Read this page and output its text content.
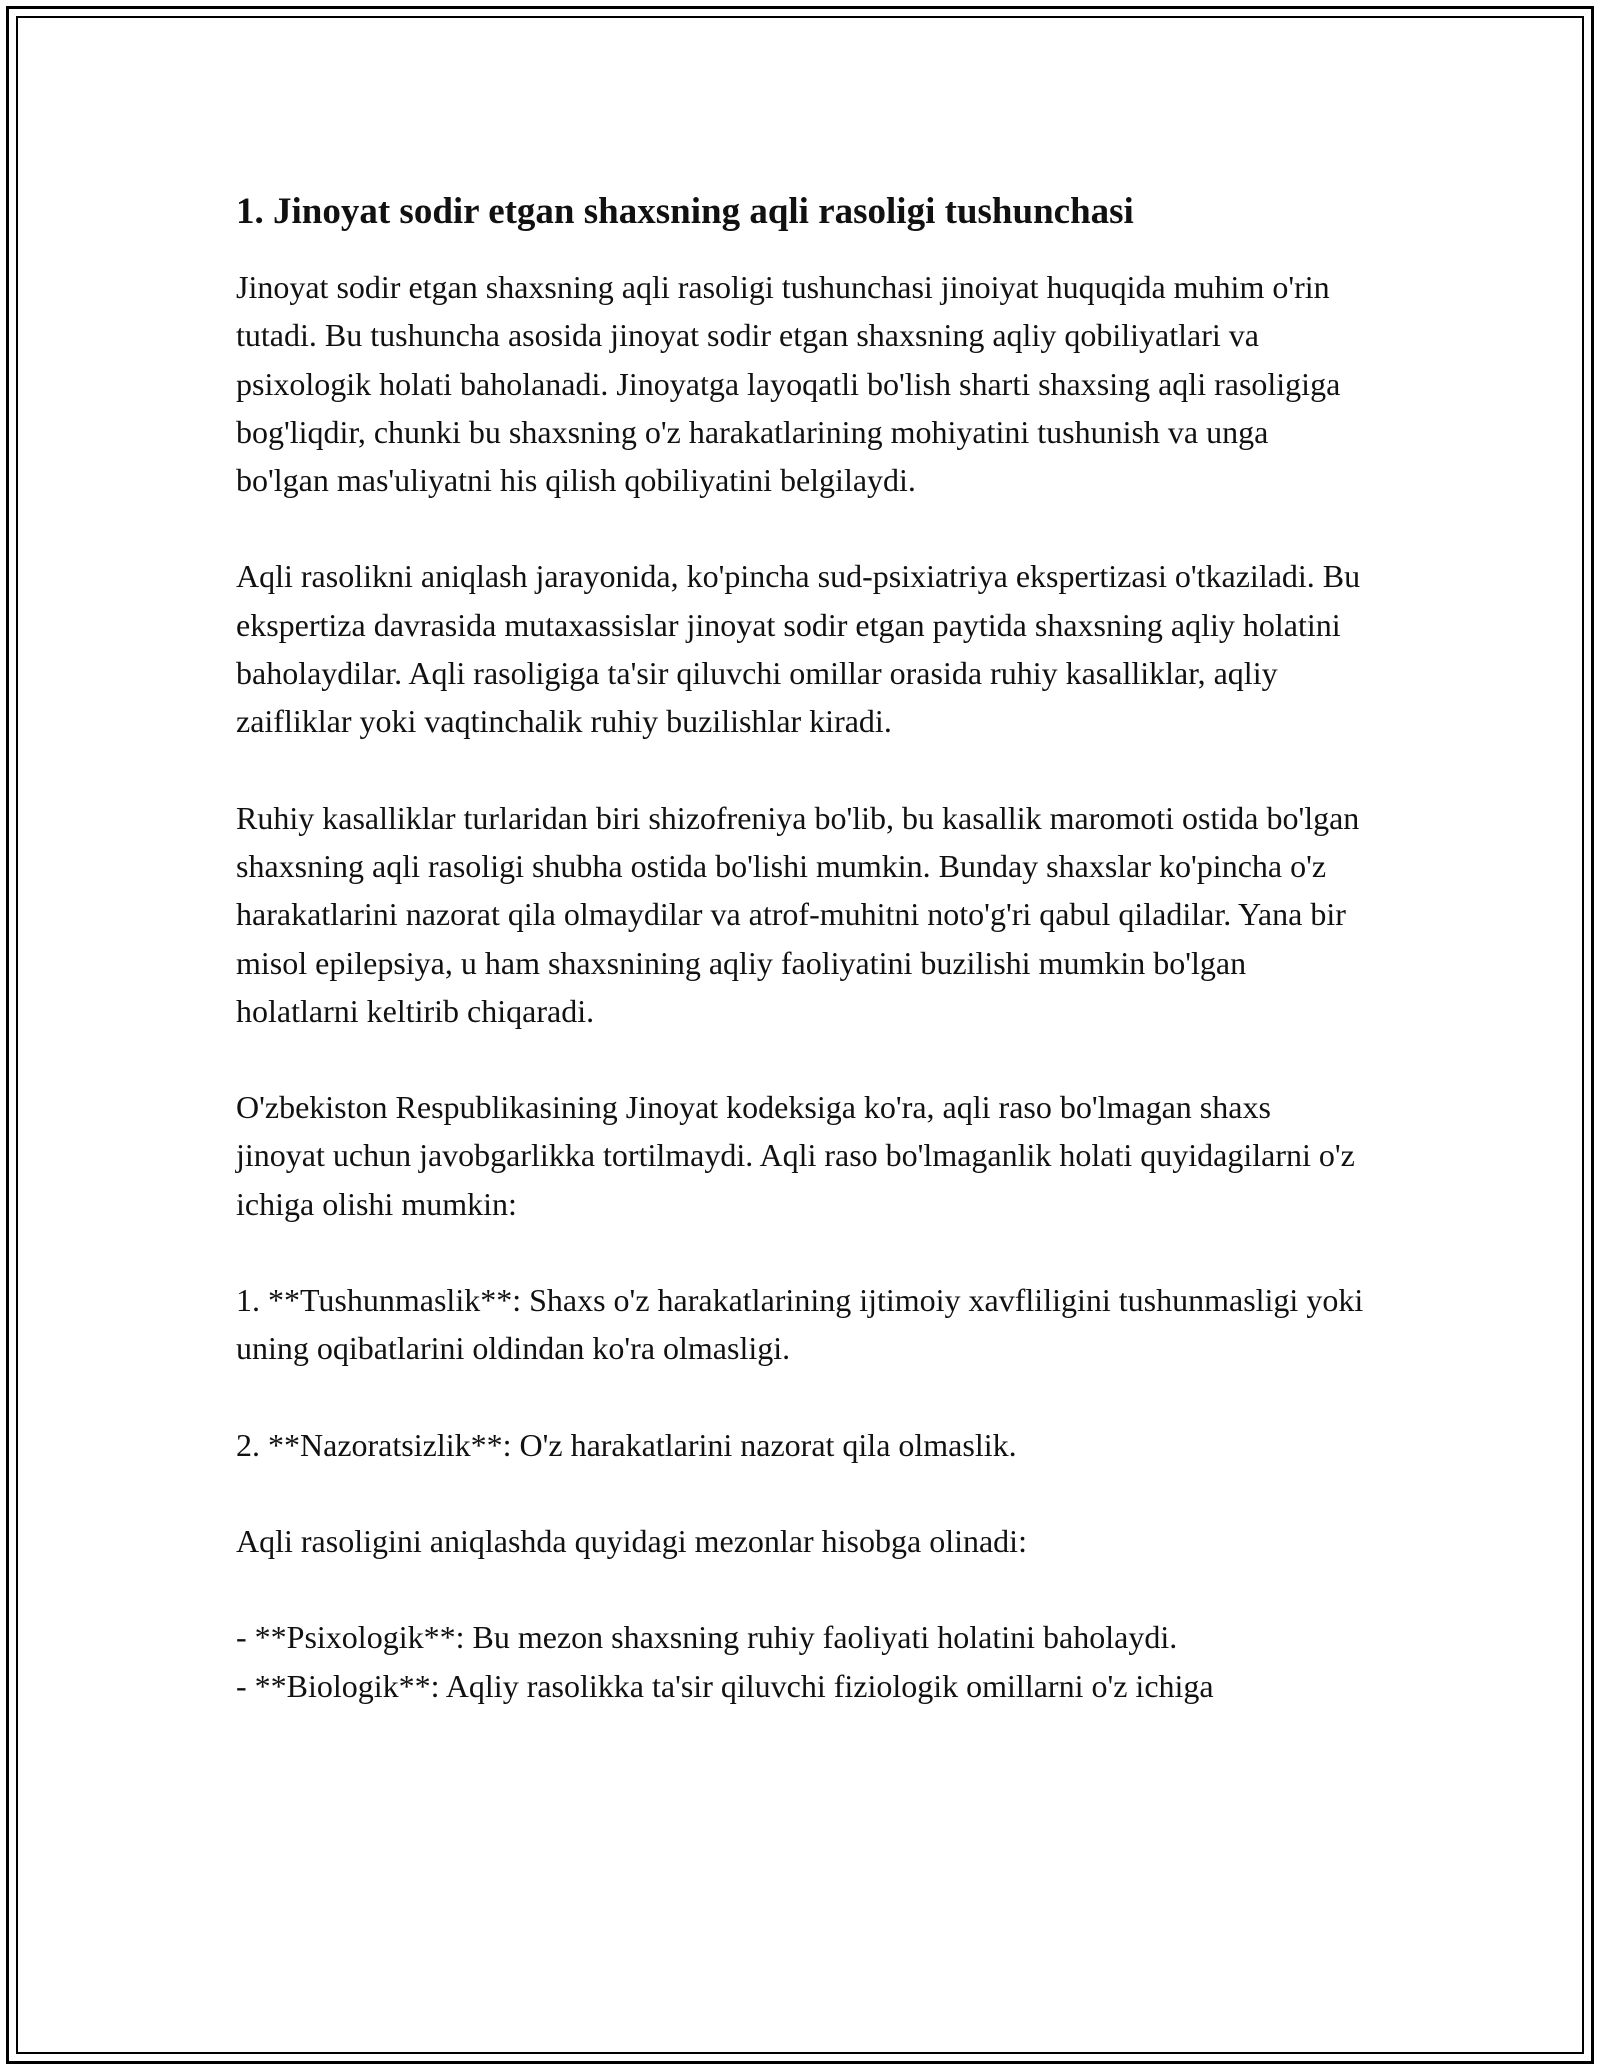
1. Jinoyat sodir etgan shaxsning aqli rasoligi tushunchasi

Jinoyat sodir etgan shaxsning aqli rasoligi tushunchasi jinoiyat huquqida muhim o'rin tutadi. Bu tushuncha asosida jinoyat sodir etgan shaxsning aqliy qobiliyatlari va psixologik holati baholanadi. Jinoyatga layoqatli bo'lish sharti shaxsing aqli rasoligiga bog'liqdir, chunki bu shaxsning o'z harakatlarining mohiyatini tushunish va unga bo'lgan mas'uliyatni his qilish qobiliyatini belgilaydi.

Aqli rasolikni aniqlash jarayonida, ko'pincha sud-psixiatriya ekspertizasi o'tkaziladi. Bu ekspertiza davrasida mutaxassislar jinoyat sodir etgan paytida shaxsning aqliy holatini baholaydilar. Aqli rasoligiga ta'sir qiluvchi omillar orasida ruhiy kasalliklar, aqliy zaifliklar yoki vaqtinchalik ruhiy buzilishlar kiradi.

Ruhiy kasalliklar turlaridan biri shizofreniya bo'lib, bu kasallik maromoti ostida bo'lgan shaxsning aqli rasoligi shubha ostida bo'lishi mumkin. Bunday shaxslar ko'pincha o'z harakatlarini nazorat qila olmaydilar va atrof-muhitni noto'g'ri qabul qiladilar. Yana bir misol epilepsiya, u ham shaxsnining aqliy faoliyatini buzilishi mumkin bo'lgan holatlarni keltirib chiqaradi.

O'zbekiston Respublikasining Jinoyat kodeksiga ko'ra, aqli raso bo'lmagan shaxs jinoyat uchun javobgarlikka tortilmaydi. Aqli raso bo'lmaganlik holati quyidagilarni o'z ichiga olishi mumkin:

1. **Tushunmaslik**: Shaxs o'z harakatlarining ijtimoiy xavfliligini tushunmasligi yoki uning oqibatlarini oldindan ko'ra olmasligi.

2. **Nazoratsizlik**: O'z harakatlarini nazorat qila olmaslik.

Aqli rasoligini aniqlashda quyidagi mezonlar hisobga olinadi:

- **Psixologik**: Bu mezon shaxsning ruhiy faoliyati holatini baholaydi.

- **Biologik**: Aqliy rasolikka ta'sir qiluvchi fiziologik omillarni o'z ichiga
